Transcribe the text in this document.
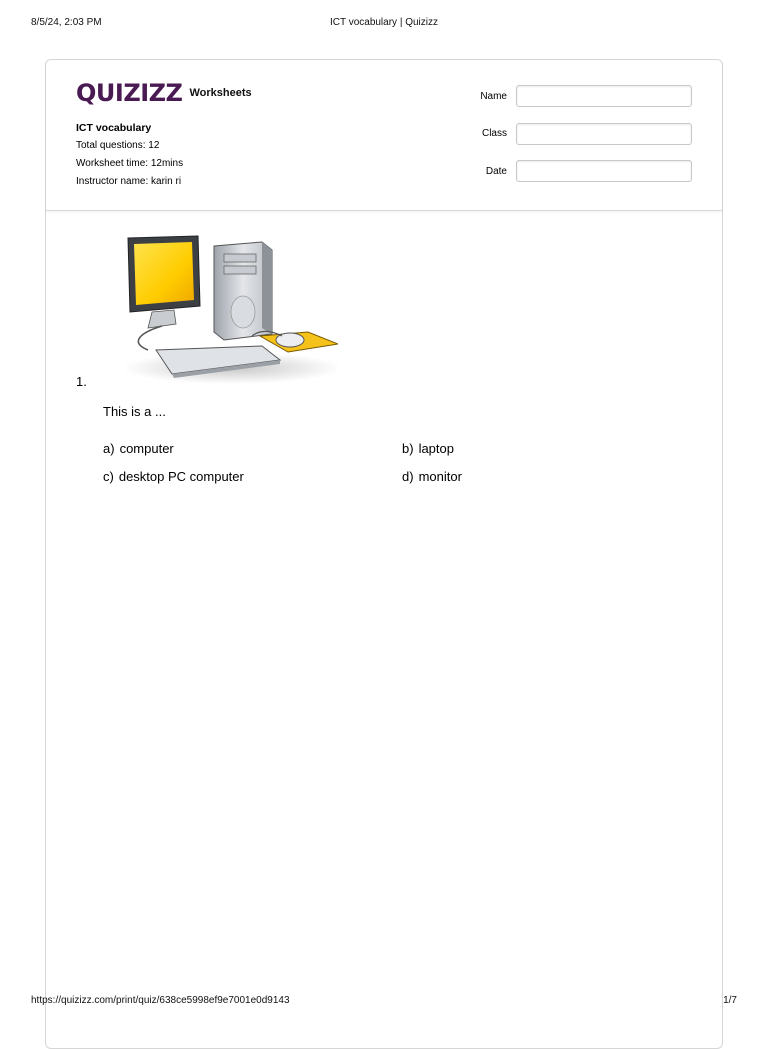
8/5/24, 2:03 PM	ICT vocabulary | Quizizz
QUIZIZZ Worksheets
ICT vocabulary
Total questions: 12
Worksheet time: 12mins
Instructor name: karin ri
Name
Class
Date
1.
This is a ...
a) computer	b) laptop
c) desktop PC computer	d) monitor
https://quizizz.com/print/quiz/638ce5998ef9e7001e0d9143	1/7
